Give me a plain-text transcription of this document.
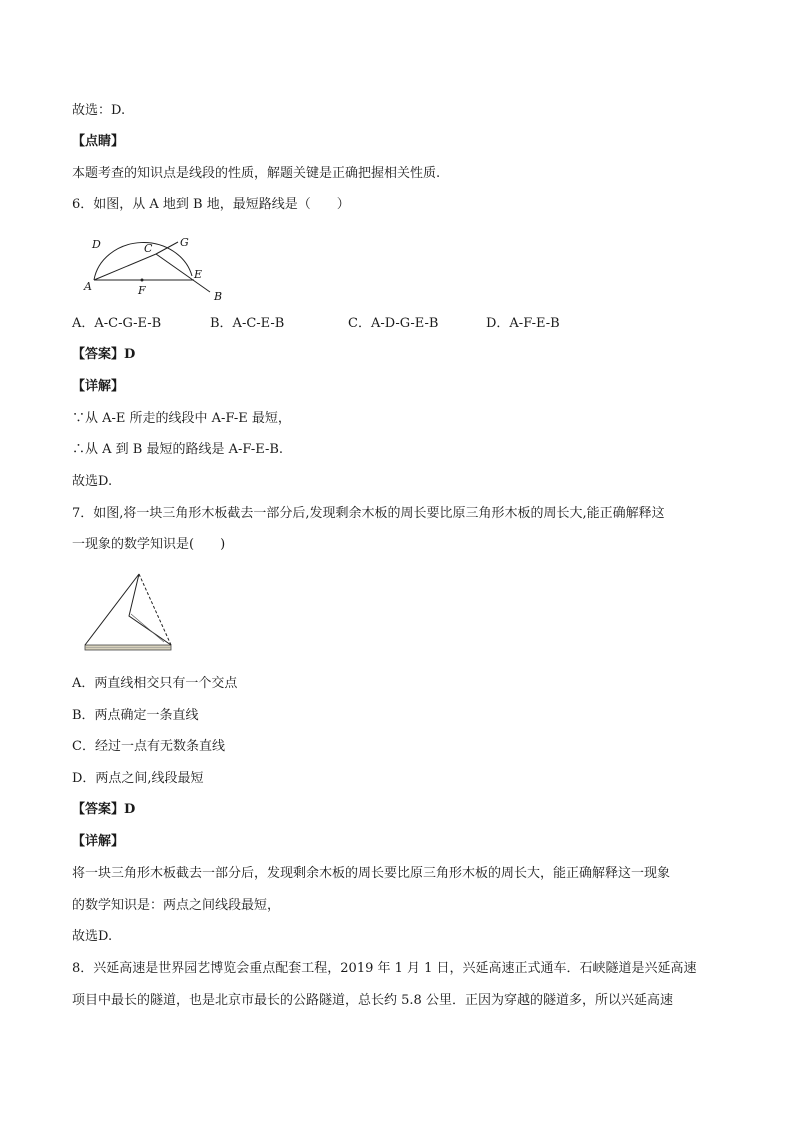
故选：D.
【点睛】
本题考查的知识点是线段的性质，解题关键是正确把握相关性质.
6．如图，从 A 地到 B 地，最短路线是（　　）
D	C	G
E
A	F	B
A．A-C-G-E-B	B．A-C-E-B	C．A-D-G-E-B	D．A-F-E-B
【答案】D
【详解】
∵从 A-E 所走的线段中 A-F-E 最短，
∴从 A 到 B 最短的路线是 A-F-E-B.
故选D.
7．如图,将一块三角形木板截去一部分后,发现剩余木板的周长要比原三角形木板的周长大,能正确解释这
一现象的数学知识是(　　)
A．两直线相交只有一个交点
B．两点确定一条直线
C．经过一点有无数条直线
D．两点之间,线段最短
【答案】D
【详解】
将一块三角形木板截去一部分后，发现剩余木板的周长要比原三角形木板的周长大，能正确解释这一现象
的数学知识是：两点之间线段最短，
故选D.
8．兴延高速是世界园艺博览会重点配套工程，2019 年 1 月 1 日，兴延高速正式通车．石峡隧道是兴延高速
项目中最长的隧道，也是北京市最长的公路隧道，总长约 5.8 公里．正因为穿越的隧道多，所以兴延高速
